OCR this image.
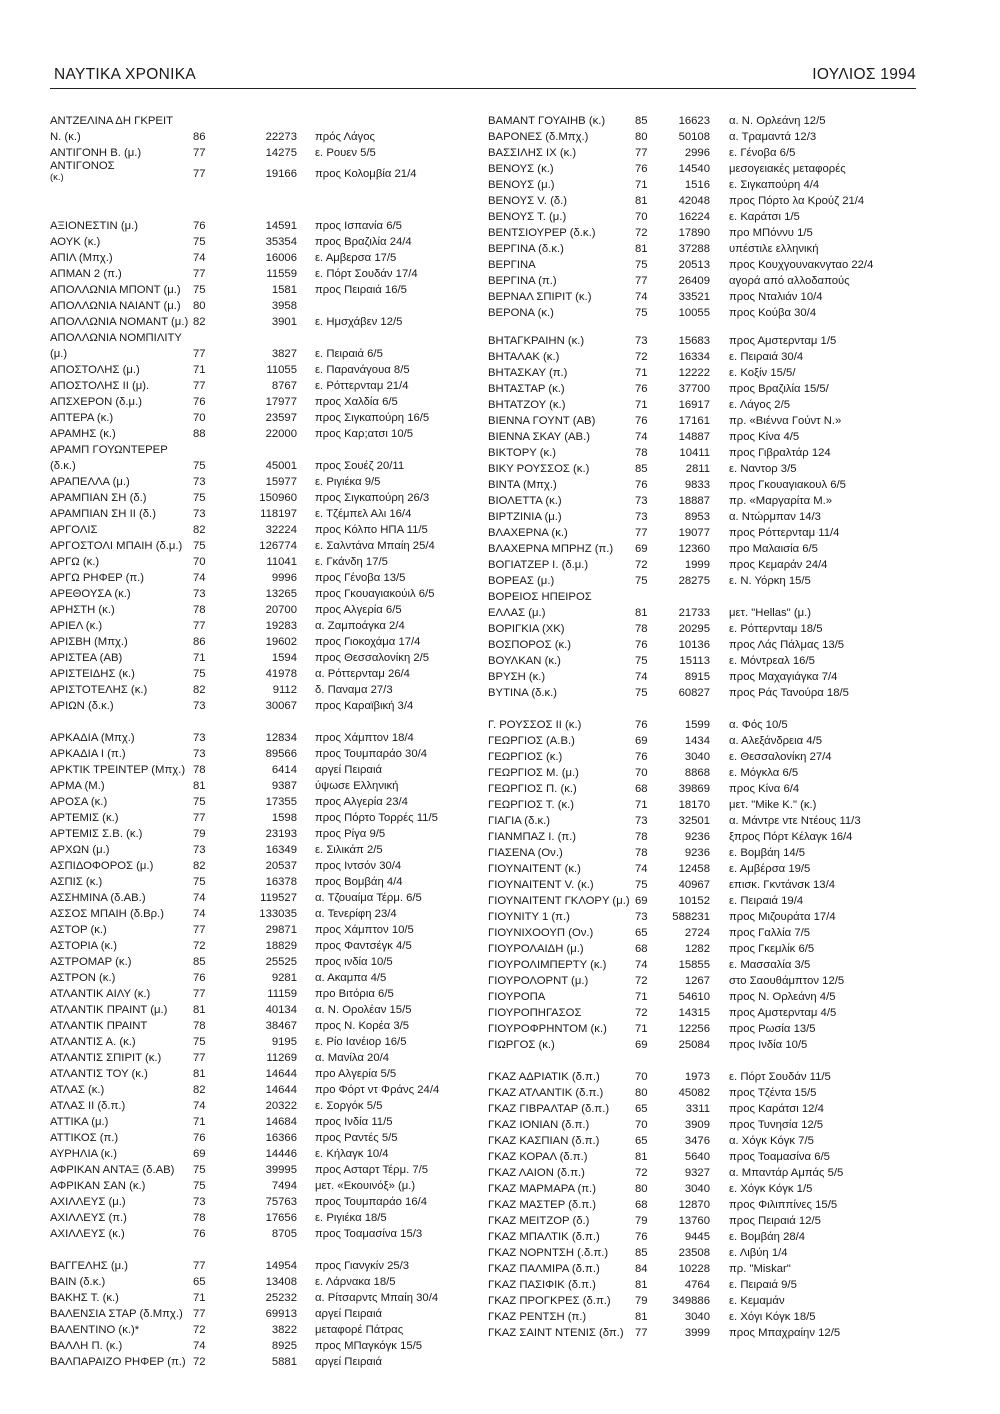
ΝΑΥΤΙΚΑ ΧΡΟΝΙΚΑ	ΙΟΥΛΙΟΣ 1994
ΑΝΤΖΕΛΙΝΑ ΔΗ ΓΚΡΕΙΤ
Ν. (κ.)	86	22273 πρός Λάγος
ΑΝΤΙΓΟΝΗ Β. (μ.)	77	14275 ε. Ρουεν 5/5
ΑΝΤΙΓΟΝΟΣ
(κ.)	77	19166 προς Κολομβία 21/4
ΑΞΙΟΝΕΣΤΙΝ (μ.)	76	14591 προς Ισπανία 6/5
ΑΟΥΚ (κ.)	75	35354 προς Βραζιλία 24/4
ΑΠΙΛ (Μπχ.)	74	16006 ε. Αμβερσα 17/5
ΑΠΜΑΝ 2 (π.)	77	11559 ε. Πόρτ Σουδάν 17/4
ΑΠΟΛΛΩΝΙΑ ΜΠΟΝΤ (μ.) 75	1581 προς Πειραιά 16/5
ΑΠΟΛΛΩΝΙΑ ΝΑΙΑΝΤ (μ.) 80	3958
ΑΠΟΛΛΩΝΙΑ ΝΟΜΑΝΤ (μ.) 82	3901 ε. Ημσχάβεν 12/5
ΑΠΟΛΛΩΝΙΑ ΝΟΜΠΙΛΙΤΥ
(μ.)	77	3827 ε. Πειραιά 6/5
ΑΠΟΣΤΟΛΗΣ (μ.)	71	11055 ε. Παρανάγουα 8/5
ΑΠΟΣΤΟΛΗΣ ΙΙ (μ).	77	8767 ε. Ρόττερνταμ 21/4
ΑΠΣΧΕΡΟΝ (δ.μ.)	76	17977 προς Χαλδία 6/5
ΑΠΤΕΡΑ (κ.)	70	23597 προς Σιγκαπούρη 16/5
ΑΡΑΜΗΣ (κ.)	88	22000 προς Καρ;ατσι 10/5
ΑΡΑΜΠ ΓΟΥΩΝΤΕΡΕΡ
(δ.κ.)	75	45001 προς Σουέζ 20/11
ΑΡΑΠΕΛΛΑ (μ.)	73	15977 ε. Ριγιέκα 9/5
ΑΡΑΜΠΙΑΝ ΣΗ (δ.)	75	150960 προς Σιγκαπούρη 26/3
ΑΡΑΜΠΙΑΝ ΣΗ ΙΙ (δ.)	73	118197 ε. Τζέμπελ Αλι 16/4
ΑΡΓΟΛΙΣ	82	32224 προς Κόλπο ΗΠΑ 11/5
ΑΡΓΟΣΤΟΛΙ ΜΠΑΙΗ (δ.μ.) 75	126774 ε. Σαλντάνα Μπαίη 25/4
ΑΡΓΩ (κ.)	70	11041 ε. Γκάνδη 17/5
ΑΡΓΩ ΡΗΦΕΡ (π.)	74	9996 προς Γένοβα 13/5
ΑΡΕΘΟΥΣΑ (κ.)	73	13265 προς Γκουαγιακούιλ 6/5
ΑΡΗΣΤΗ (κ.)	78	20700 προς Αλγερία 6/5
ΑΡΙΕΛ (κ.)	77	19283 α. Ζαμποάγκα 2/4
ΑΡΙΣΒΗ (Μπχ.)	86	19602 προς Γιοκοχάμα 17/4
ΑΡΙΣΤΕΑ (ΑΒ)	71	1594 προς Θεσσαλονίκη 2/5
ΑΡΙΣΤΕΙΔΗΣ (κ.)	75	41978 α. Ρόττερνταμ 26/4
ΑΡΙΣΤΟΤΕΛΗΣ (κ.)	82	9112 δ. Παναμα 27/3
ΑΡΙΩΝ (δ.κ.)	73	30067 προς Καραϊβική 3/4
ΑΡΚΑΔΙΑ (Μπχ.)	73	12834 προς Χάμπτον 18/4
ΑΡΚΑΔΙΑ Ι (π.)	73	89566 προς Τουμπαράο 30/4
ΑΡΚΤΙΚ ΤΡΕΙΝΤΕΡ (Μπχ.) 78	6414 αργεί Πειραιά
ΑΡΜΑ (Μ.)	81	9387 ύψωσε Ελληνική
ΑΡΟΣΑ (κ.)	75	17355 προς Αλγερία 23/4
ΑΡΤΕΜΙΣ (κ.)	77	1598 προς Πόρτο Τορρές 11/5
ΑΡΤΕΜΙΣ Σ.Β. (κ.)	79	23193 προς Ρίγα 9/5
ΑΡΧΩΝ (μ.)	73	16349 ε. Σιλικάπ 2/5
ΑΣΠΙΔΟΦΟΡΟΣ (μ.)	82	20537 προς Ιντσόν 30/4
ΑΣΠΙΣ (κ.)	75	16378 προς Βομβάη 4/4
ΑΣΣΗΜΙΝΑ (δ.ΑΒ.)	74	119527 α. Τζουαίμα Τέρμ. 6/5
ΑΣΣΟΣ ΜΠΑΙΗ (δ.Βρ.)	74	133035 α. Τενερίφη 23/4
ΑΣΤΟΡ (κ.)	77	29871 προς Χάμπτον 10/5
ΑΣΤΟΡΙΑ (κ.)	72	18829 προς Φαντσέγκ 4/5
ΑΣΤΡΟΜΑΡ (κ.)	85	25525 προς ινδία 10/5
ΑΣΤΡΟΝ (κ.)	76	9281 α. Ακαμπα 4/5
ΑΤΛΑΝΤΙΚ ΑΙΛΥ (κ.)	77	11159 προ Βιτόρια 6/5
ΑΤΛΑΝΤΙΚ ΠΡΑΙΝΤ (μ.) 81	40134 α. Ν. Ορολέαν 15/5
ΑΤΛΑΝΤΙΚ ΠΡΑΙΝΤ	78	38467 προς Ν. Κορέα 3/5
ΑΤΛΑΝΤΙΣ Α. (κ.)	75	9195 ε. Ρίο Ιανέιορ 16/5
ΑΤΛΑΝΤΙΣ ΣΠΙΡΙΤ (κ.)	77	11269 α. Μανίλα 20/4
ΑΤΛΑΝΤΙΣ ΤΟΥ (κ.)	81	14644 προ Αλγερία 5/5
ΑΤΛΑΣ (κ.)	82	14644 προ Φόρτ ντ Φράνς 24/4
ΑΤΛΑΣ ΙΙ (δ.π.)	74	20322 ε. Σοργόκ 5/5
ΑΤΤΙΚΑ (μ.)	71	14684 προς Ινδία 11/5
ΑΤΤΙΚΟΣ (π.)	76	16366 προς Ραντές 5/5
ΑΥΡΗΛΙΑ (κ.)	69	14446 ε. Κήλαγκ 10/4
ΑΦΡΙΚΑΝ ΑΝΤΑΞ (δ.ΑΒ) 75	39995 προς Ασταρτ Τέρμ. 7/5
ΑΦΡΙΚΑΝ ΣΑΝ (κ.)	75	7494 μετ. «Εκουινόξ» (μ.)
ΑΧΙΛΛΕΥΣ (μ.)	73	75763 προς Τουμπαράο 16/4
ΑΧΙΛΛΕΥΣ (π.)	78	17656 ε. Ριγιέκα 18/5
ΑΧΙΛΛΕΥΣ (κ.)	76	8705 προς Τοαμασίνα 15/3
ΒΑΓΓΕΛΗΣ (μ.)	77	14954 προς Γιανγκίν 25/3
ΒΑΙΝ (δ.κ.)	65	13408 ε. Λάρνακα 18/5
ΒΑΚΗΣ Τ. (κ.)	71	25232 α. Ρίτσαρντς Μπαίη 30/4
ΒΑΛΕΝΣΙΑ ΣΤΑΡ (δ.Μπχ.) 77	69913 αργεί Πειραιά
ΒΑΛΕΝΤΙΝΟ (κ.)*	72	3822 μεταφορέ Πάτρας
ΒΑΛΛΗ Π. (κ.)	74	8925 προς ΜΠαγκόγκ 15/5
ΒΑΛΠΑΡΑΙΖΟ ΡΗΦΕΡ (π.) 72	5881 αργεί Πειραιά
ΒΑΜΑΝΤ ΓΟΥΑΙΗΒ (κ.)	85	16623 α. Ν. Ορλεάνη 12/5
ΒΑΡΟΝΕΣ (δ.Μπχ.)	80	50108 α. Τραμαντά 12/3
ΒΑΣΣΙΛΗΣ ΙΧ (κ.)	77	2996 ε. Γένοβα 6/5
ΒΕΝΟΥΣ (κ.)	76	14540 μεσογειακές μεταφορές
ΒΕΝΟΥΣ (μ.)	71	1516 ε. Σιγκαπούρη 4/4
ΒΕΝΟΥΣ V. (δ.)	81	42048 προς Πόρτο λα Κρούζ 21/4
ΒΕΝΟΥΣ Τ. (μ.)	70	16224 ε. Καράτσι 1/5
ΒΕΝΤΣΙΟΥΡΕΡ (δ.κ.)	72	17890 προ ΜΠόννυ 1/5
ΒΕΡΓΙΝΑ (δ.κ.)	81	37288 υπέστιλε ελληνική
ΒΕΡΓΙΝΑ	75	20513 προς Κουχγουνακνγταο 22/4
ΒΕΡΓΙΝΑ (π.)	77	26409 αγορά από αλλοδαπούς
ΒΕΡΝΑΛ ΣΠΙΡΙΤ (κ.)	74	33521 προς Νταλιάν 10/4
ΒΕΡΟΝΑ (κ.)	75	10055 προς Κούβα 30/4
ΒΗΤΑΓΚΡΑΙΗΝ (κ.)	73	15683 προς Αμστερνταμ 1/5
ΒΗΤΑΛΑΚ (κ.)	72	16334 ε. Πειραιά 30/4
ΒΗΤΑΣΚΑΥ (π.)	71	12222 ε. Κοξίν 15/5/
ΒΗΤΑΣΤΑΡ (κ.)	76	37700 προς Βραζιλία 15/5/
ΒΗΤΑΤΖΟΥ (κ.)	71	16917 ε. Λάγος 2/5
ΒΙΕΝΝΑ ΓΟΥΝΤ (ΑΒ)	76	17161 πρ. «Βιέννα Γούντ Ν.»
ΒΙΕΝΝΑ ΣΚΑΥ (ΑΒ.)	74	14887 προς Κίνα 4/5
ΒΙΚΤΟΡΥ (κ.)	78	10411 προς Γιβραλτάρ 124
ΒΙΚΥ ΡΟΥΣΣΟΣ (κ.)	85	2811 ε. Ναντορ 3/5
ΒΙΝΤΑ (Μπχ.)	76	9833 προς Γκουαγιακουλ 6/5
ΒΙΟΛΕΤΤΑ (κ.)	73	18887 πρ. «Μαργαρίτα Μ.»
ΒΙΡΤΖΙΝΙΑ (μ.)	73	8953 α. Ντώρμπαν 14/3
ΒΛΑΧΕΡΝΑ (κ.)	77	19077 προς Ρόττερνταμ 11/4
ΒΛΑΧΕΡΝΑ ΜΠΡΗΖ (π.) 69	12360 προ Μαλαισία 6/5
ΒΟΓΙΑΤΖΕΡ Ι. (δ.μ.)	72	1999 προς Κεμαράν 24/4
ΒΟΡΕΑΣ (μ.)	75	28275 ε. Ν. Υόρκη 15/5
ΒΟΡΕΙΟΣ ΗΠΕΙΡΟΣ
ΕΛΛΑΣ (μ.)	81	21733 μετ. "Hellas" (μ.)
ΒΟΡΙΓΚΙΑ (ΧΚ)	78	20295 ε. Ρόττερνταμ 18/5
ΒΟΣΠΟΡΟΣ (κ.)	76	10136 προς Λάς Πάλμας 13/5
ΒΟΥΛΚΑΝ (κ.)	75	15113 ε. Μόντρεαλ 16/5
ΒΡΥΣΗ (κ.)	74	8915 προς Μαχαγιάγκα 7/4
ΒΥΤΙΝΑ (δ.κ.)	75	60827 προς Ράς Τανούρα 18/5
Γ. ΡΟΥΣΣΟΣ ΙΙ (κ.)	76	1599 α. Φός 10/5
ΓΕΩΡΓΙΟΣ (Α.Β.)	69	1434 α. Αλεξάνδρεια 4/5
ΓΕΩΡΓΙΟΣ (κ.)	76	3040 ε. Θεσσαλονίκη 27/4
ΓΕΩΡΓΙΟΣ Μ. (μ.)	70	8868 ε. Μόγκλα 6/5
ΓΕΩΡΓΙΟΣ Π. (κ.)	68	39869 προς Κίνα 6/4
ΓΕΩΡΓΙΟΣ Τ. (κ.)	71	18170 μετ. "Mike K." (κ.)
ΓΙΑΓΙΑ (δ.κ.)	73	32501 α. Μάντρε ντε Ντέους 11/3
ΓΙΑΝΜΠΑΖ Ι. (π.)	78	9236 ξπρος Πόρτ Κέλαγκ 16/4
ΓΙΑΣΕΝΑ (Ον.)	78	9236 ε. Βομβάη 14/5
ΓΙΟΥΝΑΙΤΕΝΤ (κ.)	74	12458 ε. Αμβέρσα 19/5
ΓΙΟΥΝΑΙΤΕΝΤ V. (κ.)	75	40967 επισκ. Γκντάνσκ 13/4
ΓΙΟΥΝΑΙΤΕΝΤ ΓΚΛΟΡΥ (μ.) 69	10152 ε. Πειραιά 19/4
ΓΙΟΥΝΙΤΥ 1 (π.)	73	588231 προς Μιζουράτα 17/4
ΓΙΟΥΝΙΧΟΟΥΠ (Ον.)	65	2724 προς Γαλλία 7/5
ΓΙΟΥΡΟΛΑΙΔΗ (μ.)	68	1282 προς Γκεμλίκ 6/5
ΓΙΟΥΡΟΛΙΜΠΕΡΤΥ (κ.)	74	15855 ε. Μασσαλία 3/5
ΓΙΟΥΡΟΛΟΡΝΤ (μ.)	72	1267 στο Σαουθάμπτον 12/5
ΓΙΟΥΡΟΠΑ	71	54610 προς Ν. Ορλεάνη 4/5
ΓΙΟΥΡΟΠΗΓΑΣΟΣ	72	14315 προς Αμστερνταμ 4/5
ΓΙΟΥΡΟΦΡΗΝΤΟΜ (κ.) 71	12256 προς Ρωσία 13/5
ΓΙΩΡΓΟΣ (κ.)	69	25084 προς Ινδία 10/5
ΓΚΑΖ ΑΔΡΙΑΤΙΚ (δ.π.)	70	1973 ε. Πόρτ Σουδάν 11/5
ΓΚΑΖ ΑΤΛΑΝΤΙΚ (δ.π.)	80	45082 προς Τζέντα 15/5
ΓΚΑΖ ΓΙΒΡΑΛΤΑΡ (δ.π.) 65	3311 προς Καράτσι 12/4
ΓΚΑΖ ΙΟΝΙΑΝ (δ.π.)	70	3909 προς Τυνησία 12/5
ΓΚΑΖ ΚΑΣΠΙΑΝ (δ.π.)	65	3476 α. Χόγκ Κόγκ 7/5
ΓΚΑΖ ΚΟΡΑΛ (δ.π.)	81	5640 προς Τοαμασίνα 6/5
ΓΚΑΖ ΛΑΙΟΝ (δ.π.)	72	9327 α. Μπαντάρ Αμπάς 5/5
ΓΚΑΖ ΜΑΡΜΑΡΑ (π.)	80	3040 ε. Χόγκ Κόγκ 1/5
ΓΚΑΖ ΜΑΣΤΕΡ (δ.π.)	68	12870 προς Φιλιππίνες 15/5
ΓΚΑΖ ΜΕΙΤΖΟΡ (δ.)	79	13760 προς Πειραιά 12/5
ΓΚΑΖ ΜΠΑΛΤΙΚ (δ.π.)	76	9445 ε. Βομβάη 28/4
ΓΚΑΖ ΝΟΡΝΤΣΗ (.δ.π.) 85	23508 ε. Λιβύη 1/4
ΓΚΑΖ ΠΑΛΜΙΡΑ (δ.π.)	84	10228 πρ. "Miskar"
ΓΚΑΖ ΠΑΣΙΦΙΚ (δ.π.)	81	4764 ε. Πειραιά 9/5
ΓΚΑΖ ΠΡΟΓΚΡΕΣ (δ.π.) 79	349886 ε. Κεμαμάν
ΓΚΑΖ ΡΕΝΤΣΗ (π.)	81	3040 ε. Χόγι Κόγκ 18/5
ΓΚΑΖ ΣΑΙΝΤ ΝΤΕΝΙΣ (δπ.) 77	3999 προς Μπαχραίην 12/5
